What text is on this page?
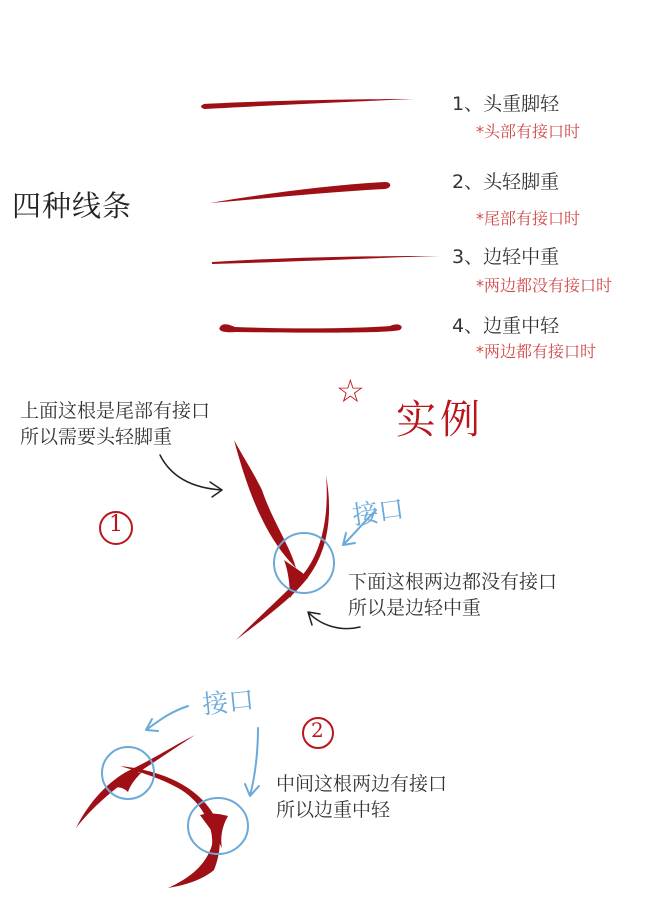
四种线条
1、头重脚轻
*头部有接口时
2、头轻脚重
*尾部有接口时
3、边轻中重
*两边都没有接口时
4、边重中轻
*两边都有接口时
☆
实例
1
2
接口
接口
上面这根是尾部有接口
所以需要头轻脚重
下面这根两边都没有接口
所以是边轻中重
中间这根两边有接口
所以边重中轻
